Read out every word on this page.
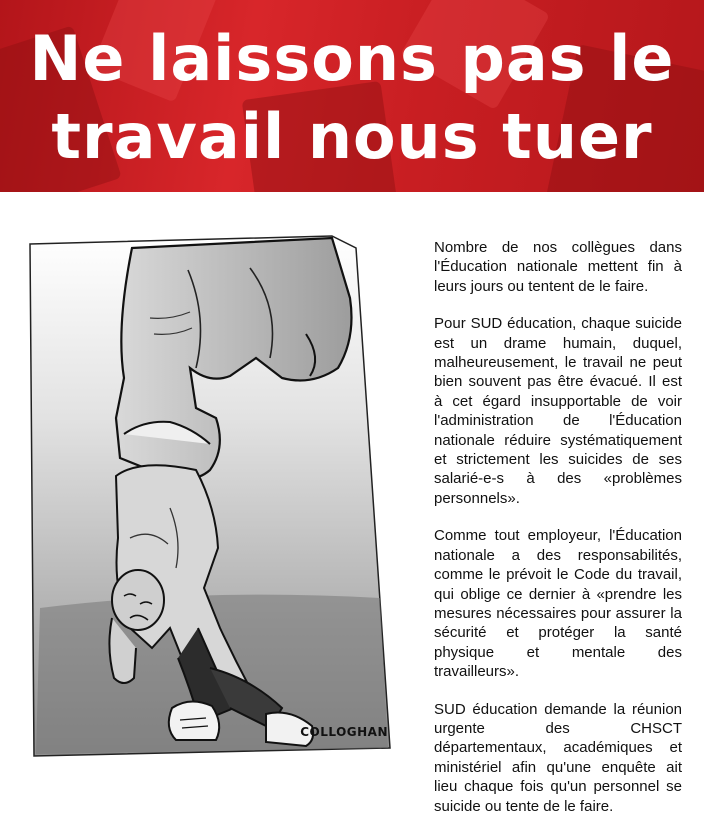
Ne laissons pas le
travail nous tuer
COLLOGHAN

Nombre de nos collègues dans l'Éducation nationale mettent fin à leurs jours ou tentent de le faire.

Pour SUD éducation, chaque suicide est un drame humain, duquel, malheureusement, le travail ne peut bien souvent pas être évacué. Il est à cet égard insupportable de voir l'administration de l'Éducation nationale réduire systématiquement et strictement les suicides de ses salarié-e-s à des «problèmes personnels».

Comme tout employeur, l'Éducation nationale a des responsabilités, comme le prévoit le Code du travail, qui oblige ce dernier à «prendre les mesures nécessaires pour assurer la sécurité et protéger la santé physique et mentale des travailleurs».

SUD éducation demande la réunion urgente des CHSCT départementaux, académiques et ministériel afin qu'une enquête ait lieu chaque fois qu'un personnel se suicide ou tente de le faire.
